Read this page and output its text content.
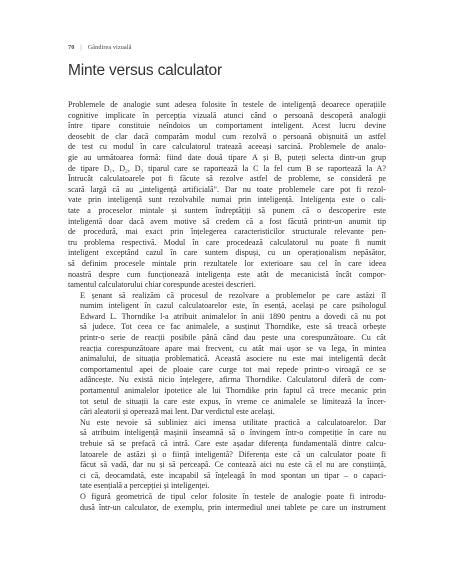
70 | Gândirea vizuală
Minte versus calculator

Problemele de analogie sunt adesea folosite în testele de inteligență deoarece operațiile
cognitive implicate în percepția vizuală atunci când o persoană descoperă analogii
între tipare constituie neîndoios un comportament inteligent. Acest lucru devine
deosebit de clar dacă comparăm modul cum rezolvă o persoană obișnuită un astfel
de test cu modul în care calculatorul tratează aceeași sarcină. Problemele de analo-
gie au următoarea formă: fiind date două tipare A și B, puteți selecta dintr-un grup
de tipare D₁, D₂, D₃ tiparul care se raportează la C la fel cum B se raportează la A?
Întrucât calculatoarele pot fi făcute să rezolve astfel de probleme, se consideră pe
scară largă că au „inteligență artificială". Dar nu toate problemele care pot fi rezol-
vate prin inteligență sunt rezolvabile numai prin inteligență. Inteligența este o cali-
tate a proceselor mintale și suntem îndreptățiți să punem că o descoperire este
inteligentă doar dacă avem motive să credem că a fost făcută printr-un anumit tip
de procedură, mai exact prin înțelegerea caracteristicilor structurale relevante pen-
tru problema respectivă. Modul în care procedează calculatorul nu poate fi numit
inteligent exceptând cazul în care suntem dispuși, cu un operaționalism nepăsător,
să definim procesele mintale prin rezultatele lor exterioare sau cel în care ideea
noastră despre cum funcționează inteligența este atât de mecanicistă încât compor-
tamentul calculatorului chiar corespunde acestei descrieri.

E șenant să realizăm că procesul de rezolvare a problemelor pe care astăzi îl
numim inteligent în cazul calculatoarelor este, în esență, același pe care psihologul
Edward L. Thorndike l-a atribuit animalelor în anii 1890 pentru a dovedi că nu pot
să judece. Tot ceea ce fac animalele, a susținut Thorndike, este să treacă orbește
printr-o serie de reacții posibile până când dau peste una corespunzătoare. Cu cât
reacția corespunzătoare apare mai frecvent, cu atât mai ușor se va lega, în mintea
animalului, de situația problematică. Această asociere nu este mai inteligentă decât
comportamentul apei de ploaie care curge tot mai repede printr-o viroagă ce se
adâncește. Nu există nicio înțelegere, afirma Thorndike. Calculatorul diferă de com-
portamentul animalelor ipotetice ale lui Thorndike prin faptul că trece mecanic prin
tot setul de situații la care este expus, în vreme ce animalele se limitează la încer-
cări aleatorii și operează mai lent. Dar verdictul este același.

Nu este nevoie să subliniez aici imensa utilitate practică a calculatoarelor. Dar
să atribuim inteligență mașinii înseamnă să o învingem într-o competiție în care nu
trebuie să se prefacă că intră. Care este așadar diferența fundamentală dintre calcu-
latoarele de astăzi și o ființă inteligentă? Diferența este că un calculator poate fi
făcut să vadă, dar nu și să perceapă. Ce contează aici nu este că el nu are conștiință,
ci că, deocamdată, este incapabil să înțeleagă în mod spontan un tipar – o capaci-
tate esențială a percepției și inteligenței.

O figură geometrică de tipul celor folosite în testele de analogie poate fi introdu-
dusă într-un calculator, de exemplu, prin intermediul unei tablete pe care un instrument
